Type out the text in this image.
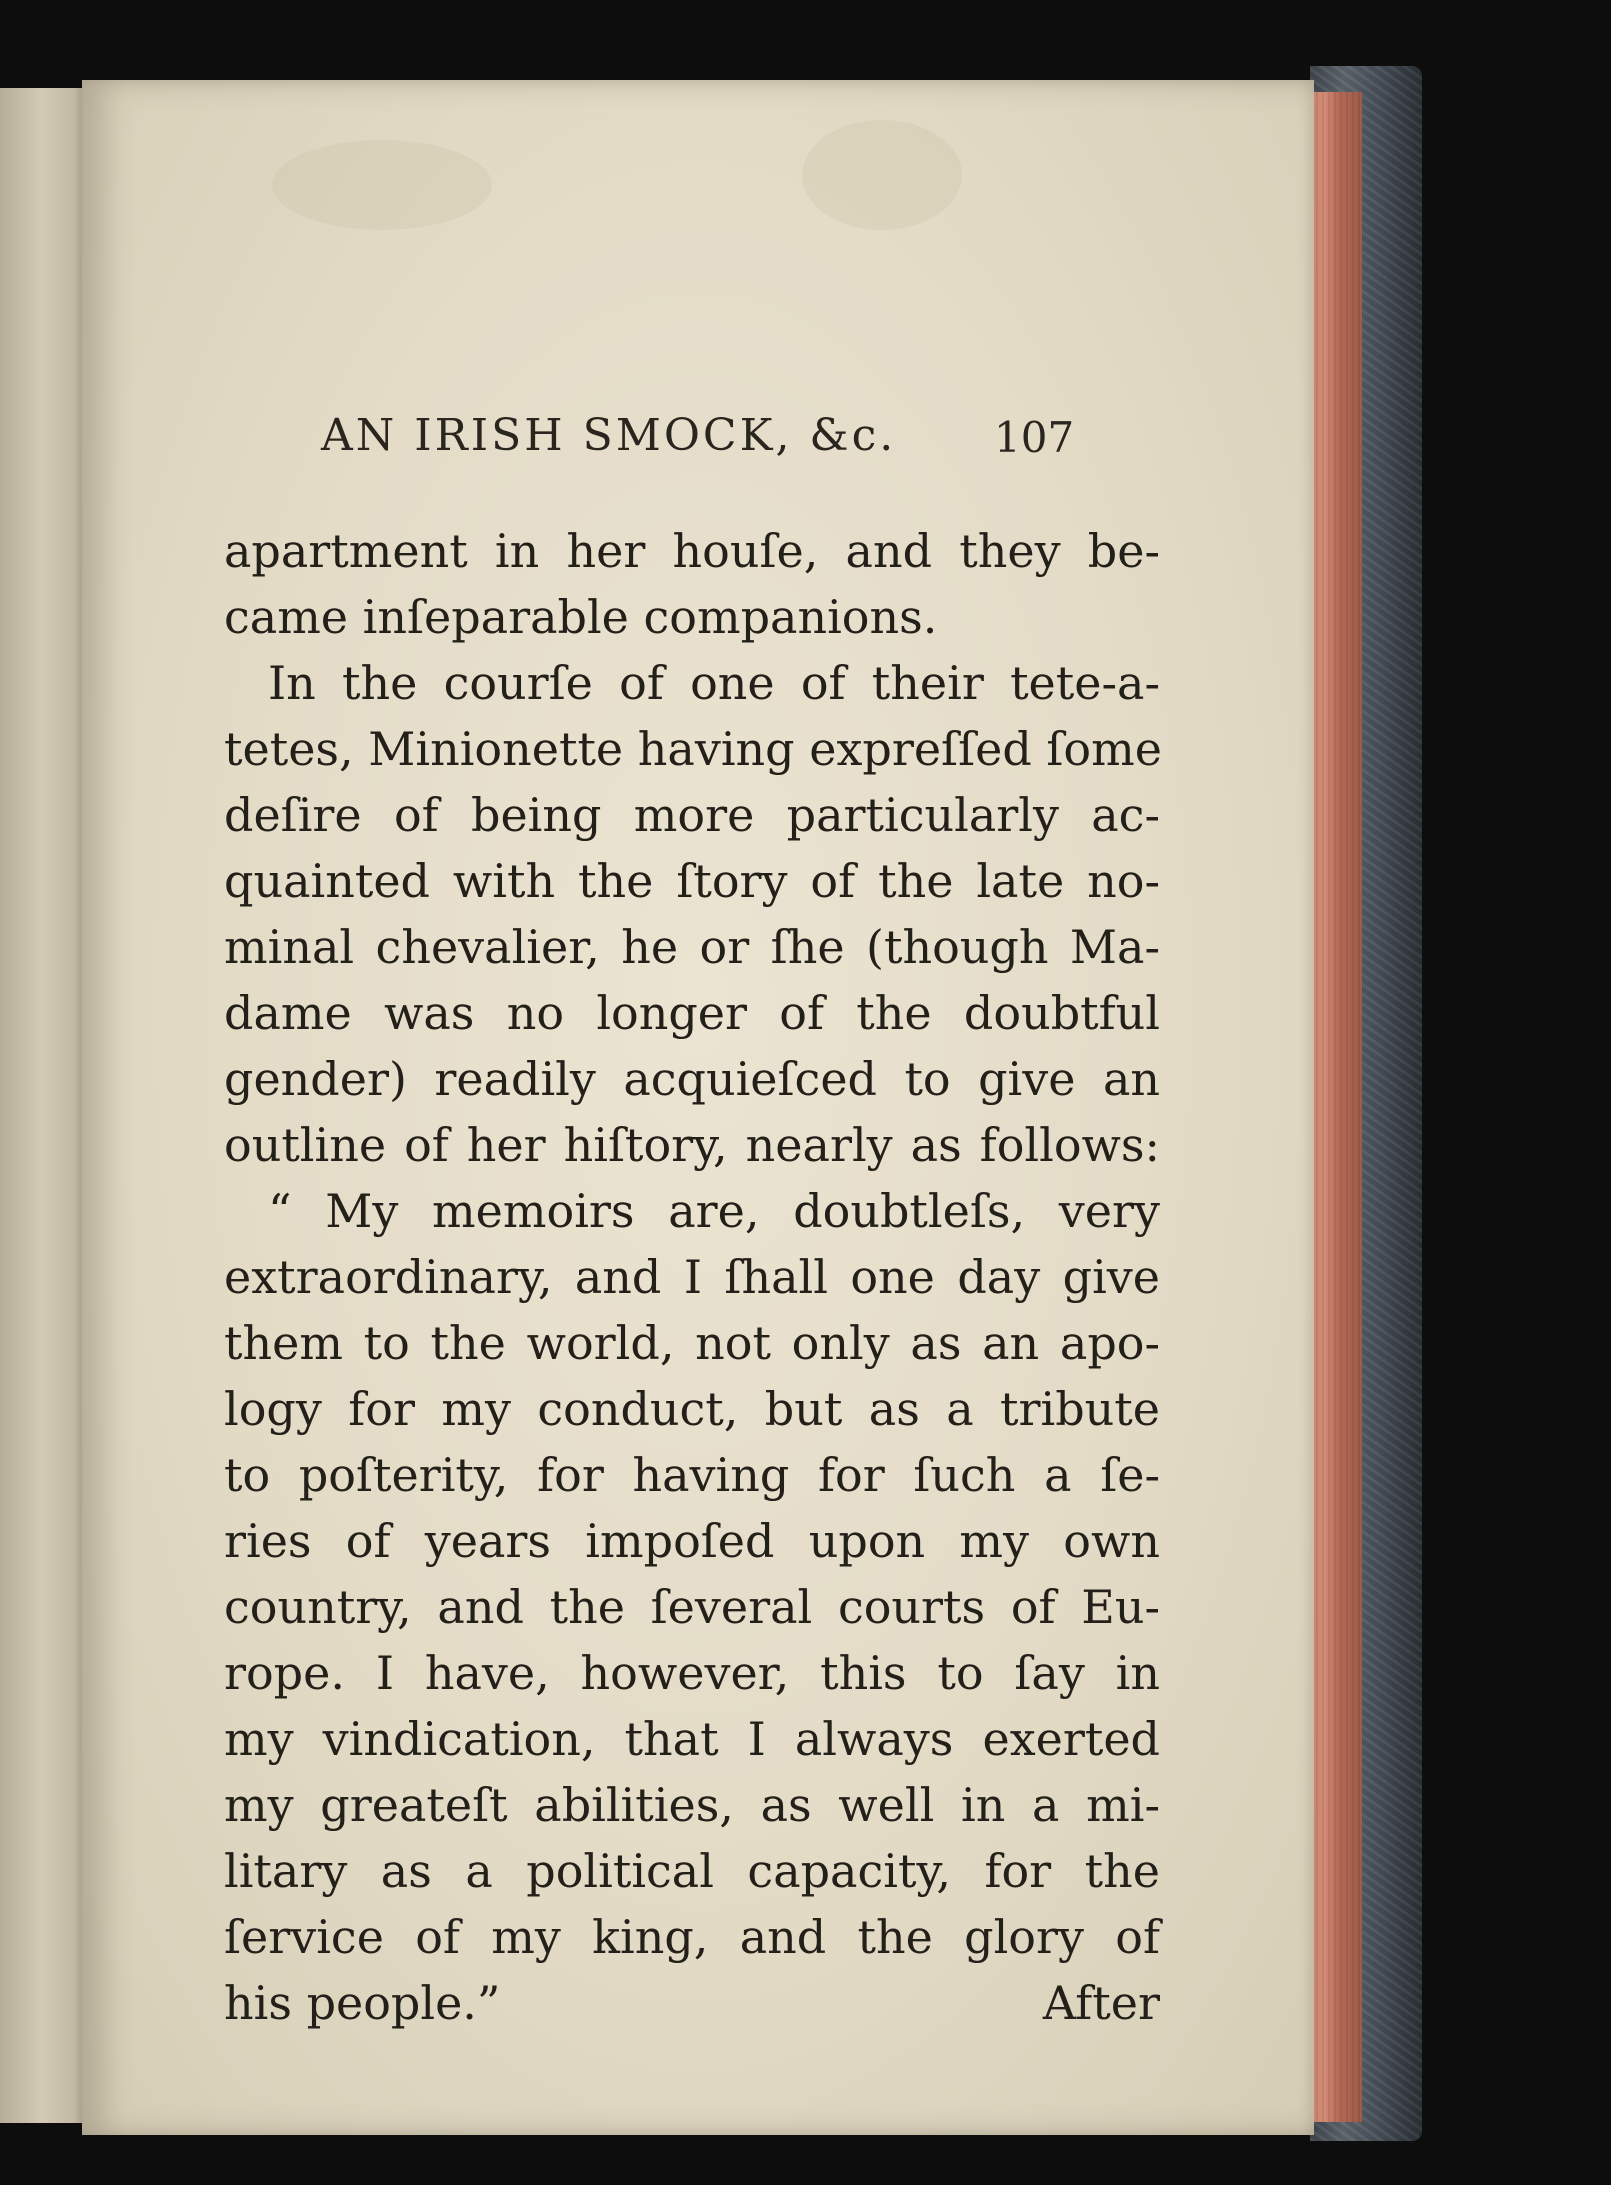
AN IRISH SMOCK, &c. 107
apartment in her houſe, and they be-
came inſeparable companions.
In the courſe of one of their tete-a-
tetes, Minionette having expreſſed ſome
deſire of being more particularly ac-
quainted with the ſtory of the late no-
minal chevalier, he or ſhe (though Ma-
dame was no longer of the doubtful
gender) readily acquieſced to give an
outline of her hiſtory, nearly as follows:
“ My memoirs are, doubtleſs, very
extraordinary, and I ſhall one day give
them to the world, not only as an apo-
logy for my conduct, but as a tribute
to poſterity, for having for ſuch a ſe-
ries of years impoſed upon my own
country, and the ſeveral courts of Eu-
rope. I have, however, this to ſay in
my vindication, that I always exerted
my greateſt abilities, as well in a mi-
litary as a political capacity, for the
ſervice of my king, and the glory of
his people.”	After
